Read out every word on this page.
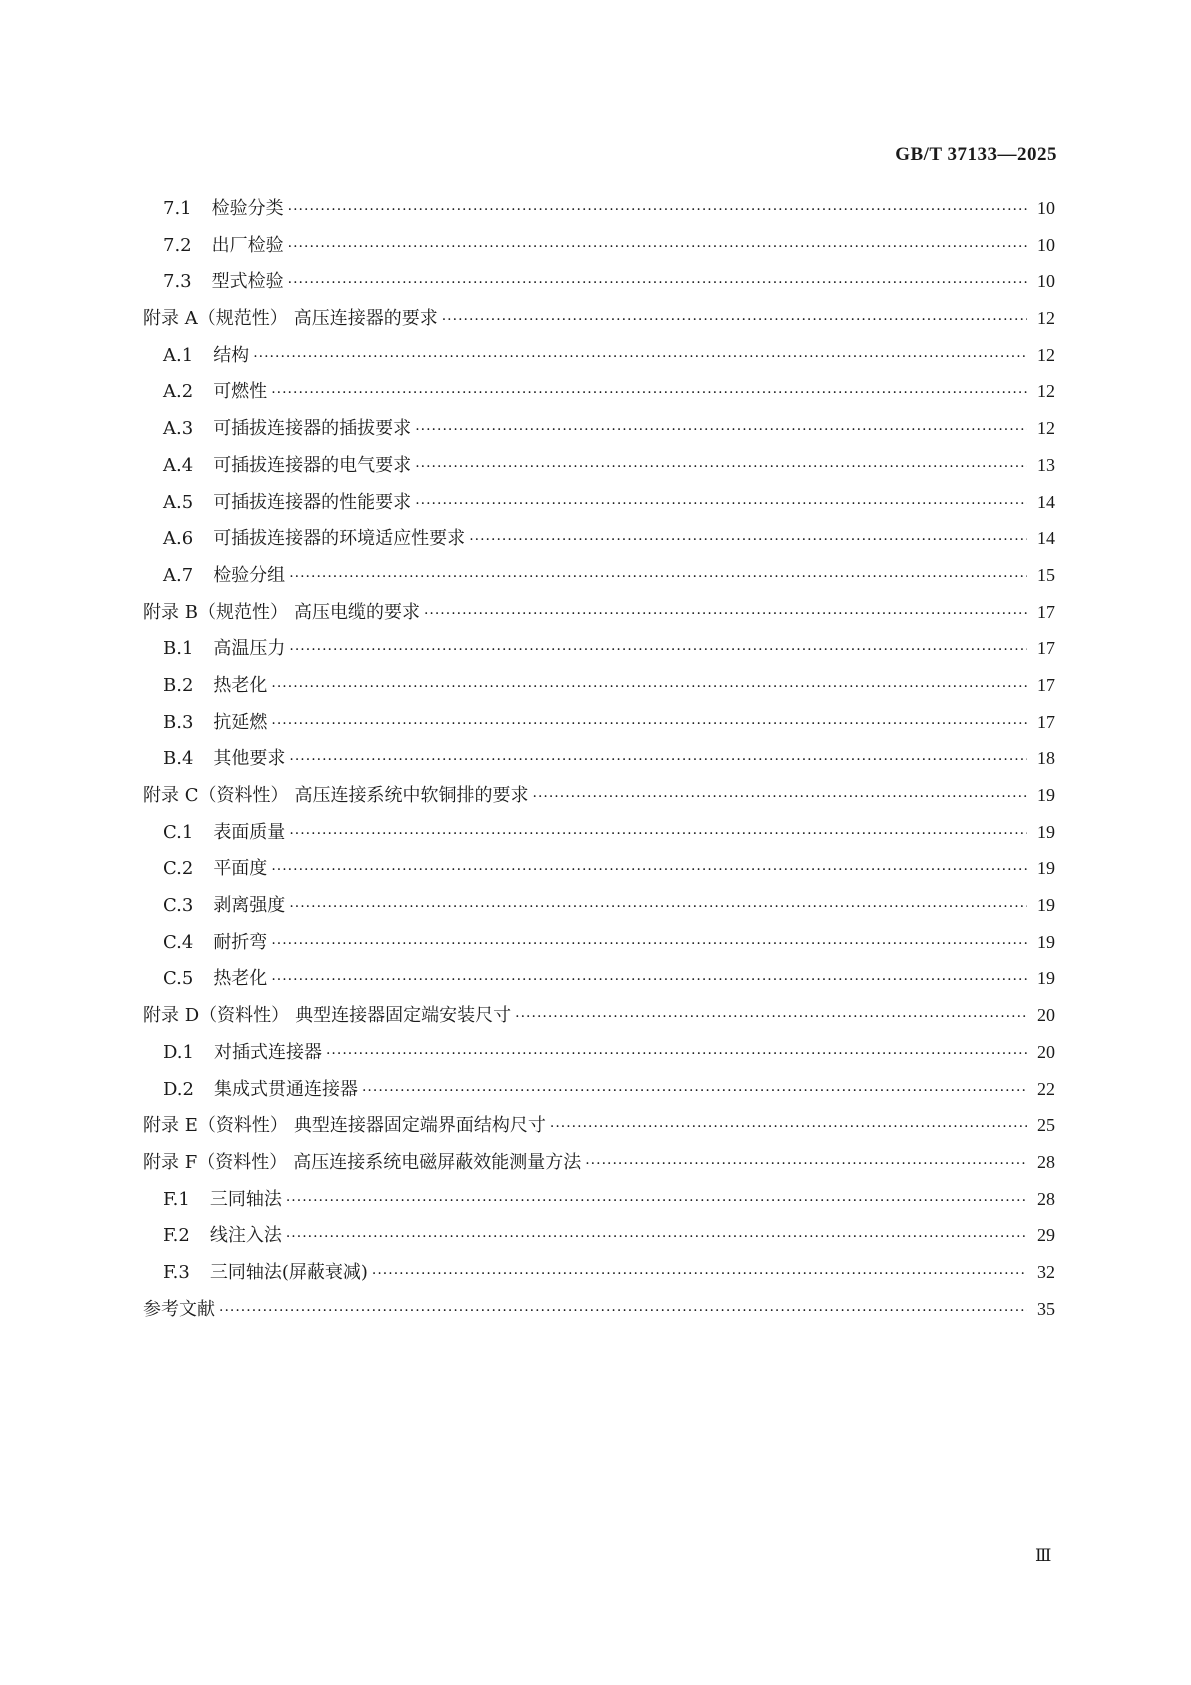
GB/T 37133—2025
7.1 检验分类 ·····	10
7.2 出厂检验 ·····	10
7.3 型式检验 ·····	10
附录 A（规范性） 高压连接器的要求 ·····	12
A.1 结构 ·····	12
A.2 可燃性 ·····	12
A.3 可插拔连接器的插拔要求 ·····	12
A.4 可插拔连接器的电气要求 ·····	13
A.5 可插拔连接器的性能要求 ·····	14
A.6 可插拔连接器的环境适应性要求 ·····	14
A.7 检验分组 ·····	15
附录 B（规范性） 高压电缆的要求 ·····	17
B.1 高温压力 ·····	17
B.2 热老化 ·····	17
B.3 抗延燃 ·····	17
B.4 其他要求 ·····	18
附录 C（资料性） 高压连接系统中软铜排的要求 ·····	19
C.1 表面质量 ·····	19
C.2 平面度 ·····	19
C.3 剥离强度 ·····	19
C.4 耐折弯 ·····	19
C.5 热老化 ·····	19
附录 D（资料性） 典型连接器固定端安装尺寸 ·····	20
D.1 对插式连接器 ·····	20
D.2 集成式贯通连接器 ·····	22
附录 E（资料性） 典型连接器固定端界面结构尺寸 ·····	25
附录 F（资料性） 高压连接系统电磁屏蔽效能测量方法 ·····	28
F.1 三同轴法 ·····	28
F.2 线注入法 ·····	29
F.3 三同轴法(屏蔽衰减) ·····	32
参考文献 ·····	35
Ⅲ
